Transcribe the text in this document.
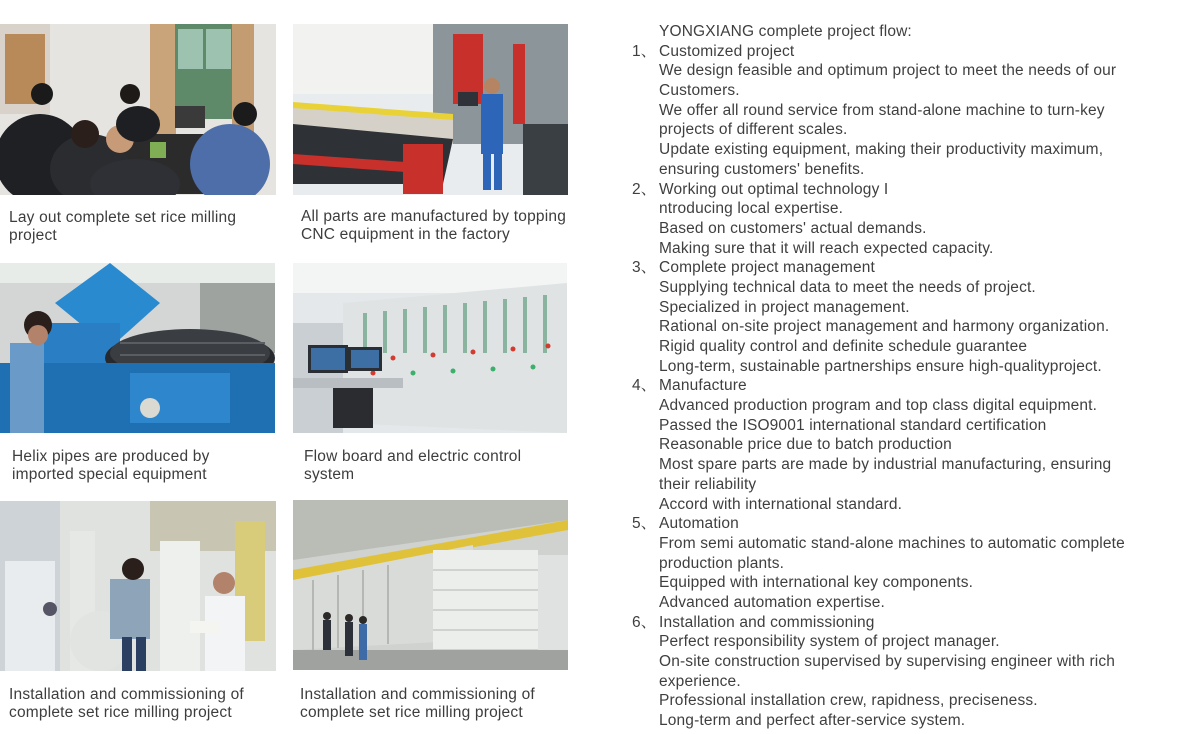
Lay out complete set rice milling
project
All parts are manufactured by topping
CNC equipment in the factory
Helix pipes are produced by
imported special equipment
Flow board and electric control
system
Installation and commissioning of
complete set rice milling project
Installation and commissioning of
complete set rice milling project
YONGXIANG complete project flow:
1、 Customized project
We design feasible and optimum project to meet the needs of our
Customers.
We offer all round service from stand-alone machine to turn-key
projects of different scales.
Update existing equipment, making their productivity maximum,
ensuring customers' benefits.
2、 Working out optimal technology I
ntroducing local expertise.
Based on customers' actual demands.
Making sure that it will reach expected capacity.
3、 Complete project management
Supplying technical data to meet the needs of project.
Specialized in project management.
Rational on-site project management and harmony organization.
Rigid quality control and definite schedule guarantee
Long-term, sustainable partnerships ensure high-qualityproject.
4、 Manufacture
Advanced production program and top class digital equipment.
Passed the ISO9001 international standard certification
Reasonable price due to batch production
Most spare parts are made by industrial manufacturing, ensuring
their reliability
Accord with international standard.
5、 Automation
From semi automatic stand-alone machines to automatic complete
production plants.
Equipped with international key components.
Advanced automation expertise.
6、 Installation and commissioning
Perfect responsibility system of project manager.
On-site construction supervised by supervising engineer with rich
experience.
Professional installation crew, rapidness, preciseness.
Long-term and perfect after-service system.
